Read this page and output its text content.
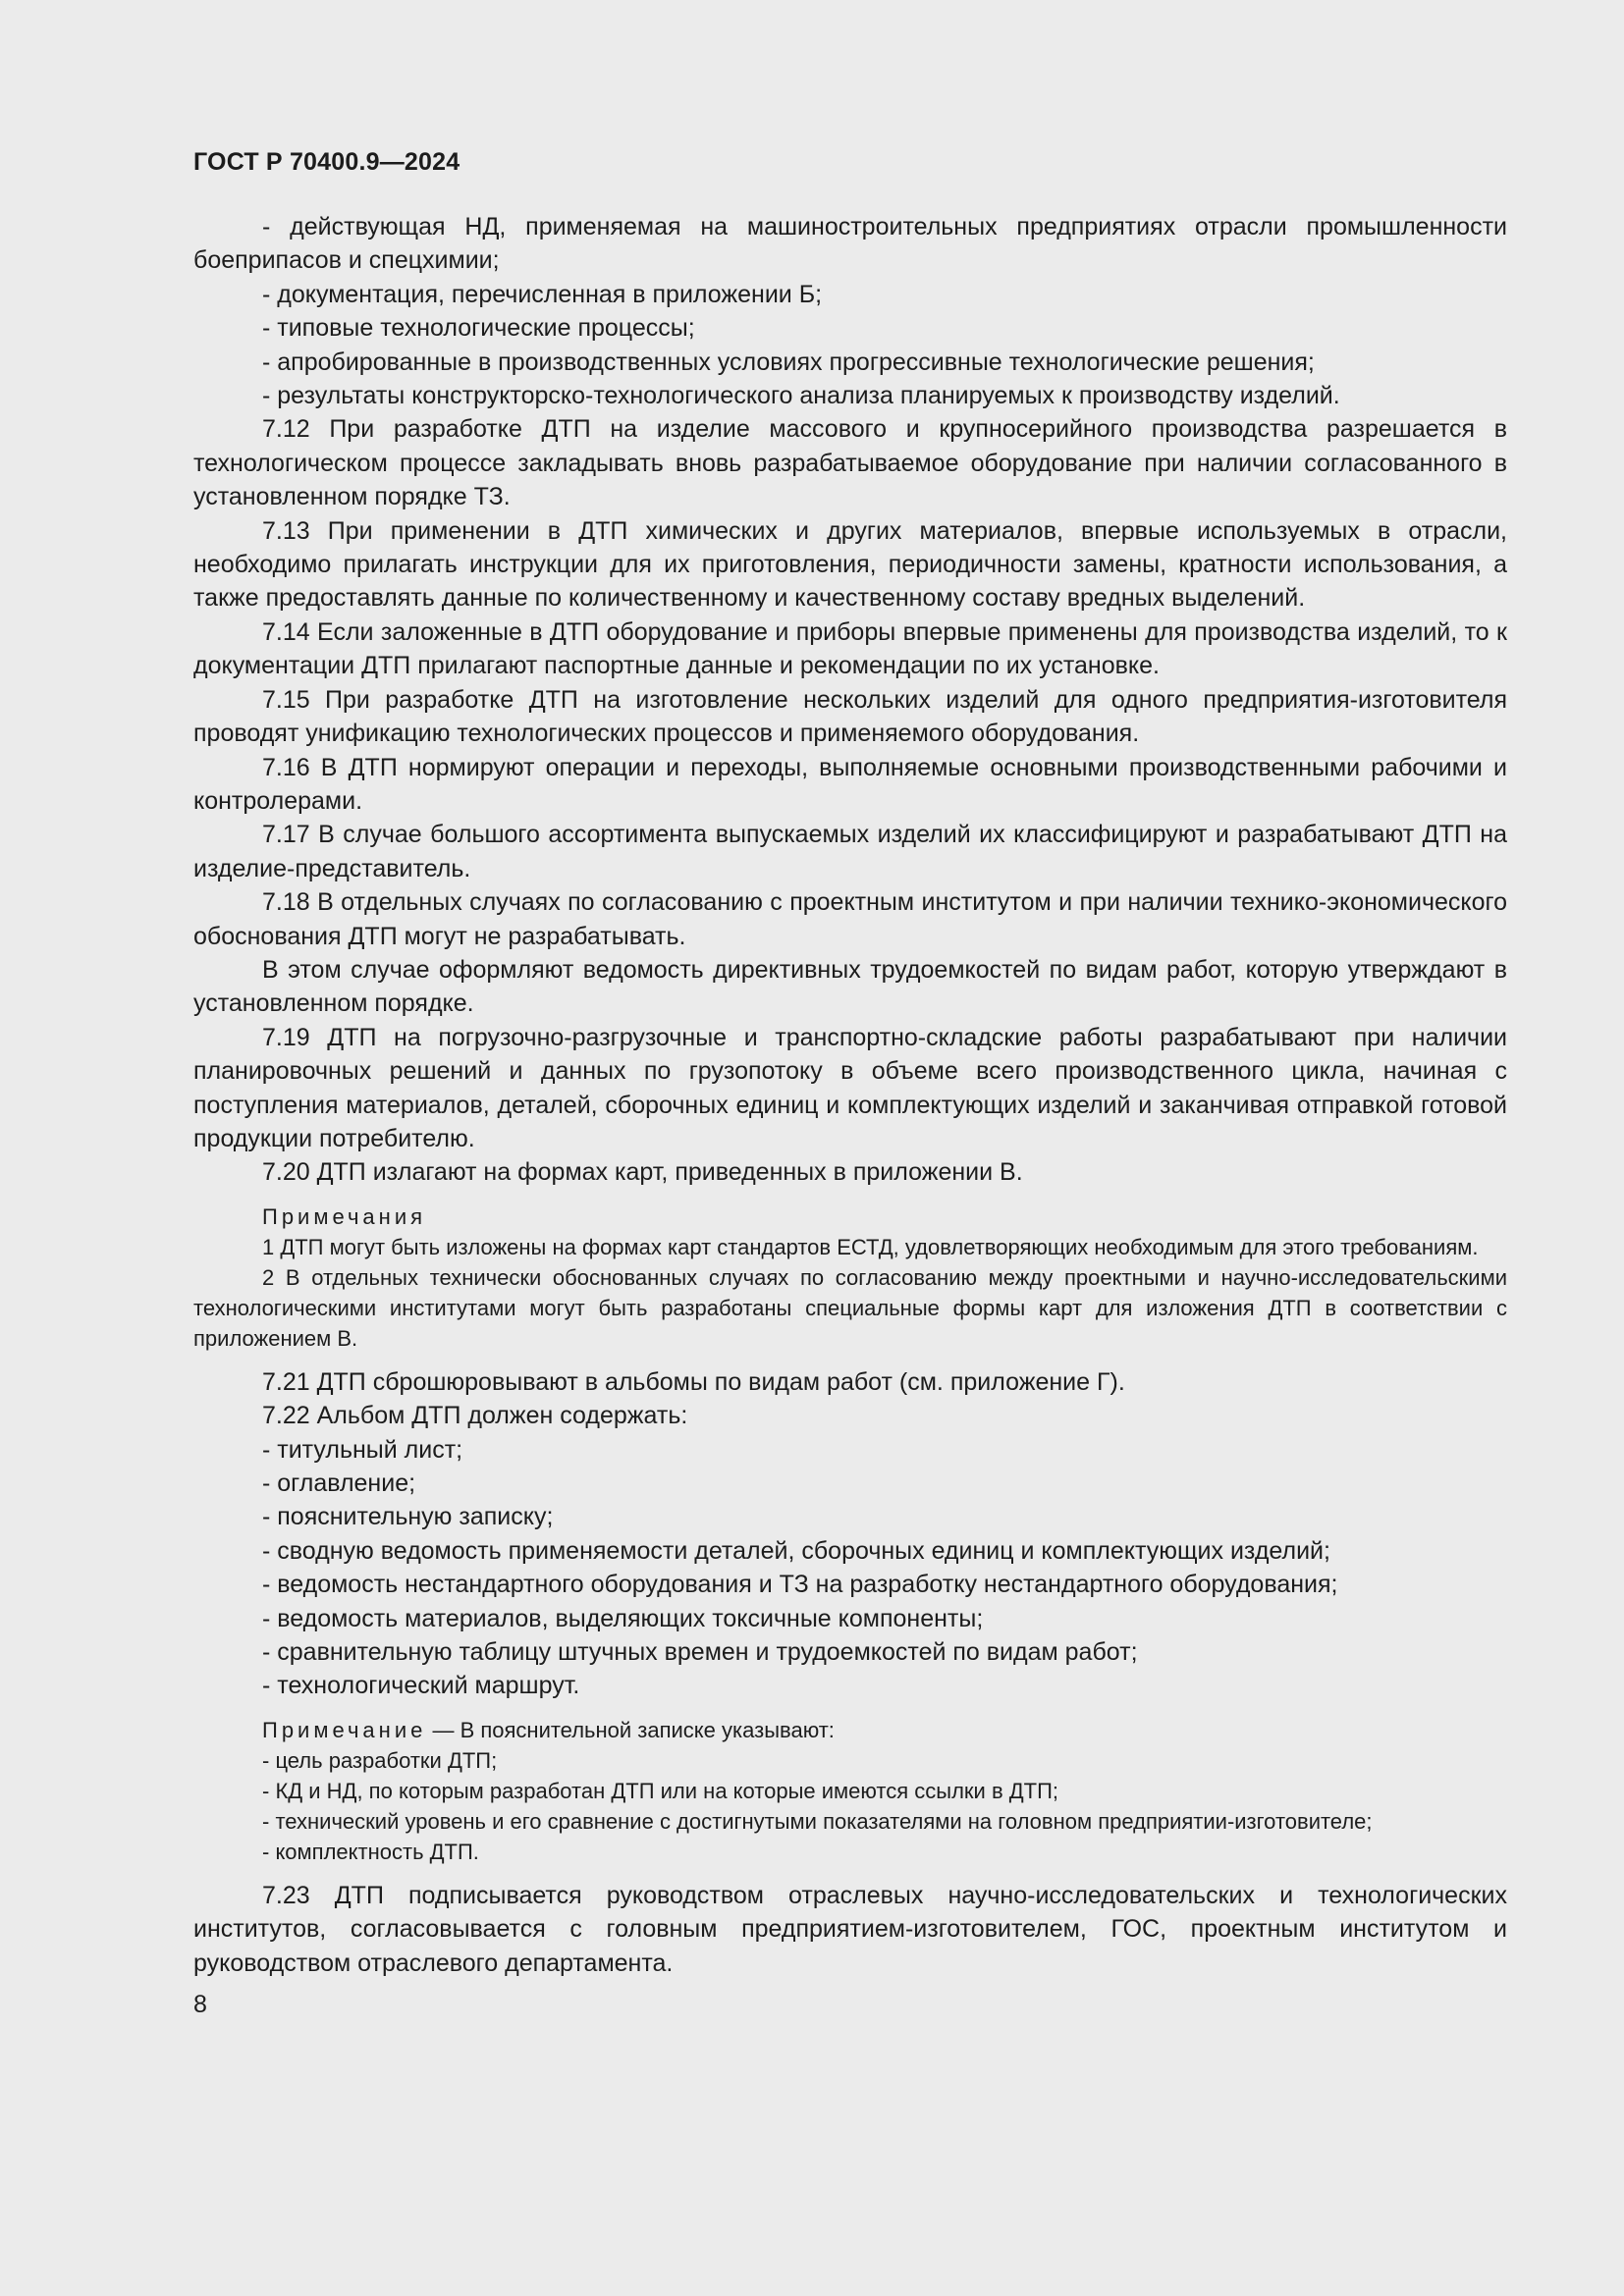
ГОСТ Р 70400.9—2024

- действующая НД, применяемая на машиностроительных предприятиях отрасли промышленности боеприпасов и спецхимии;

- документация, перечисленная в приложении Б;

- типовые технологические процессы;

- апробированные в производственных условиях прогрессивные технологические решения;

- результаты конструкторско-технологического анализа планируемых к производству изделий.

7.12 При разработке ДТП на изделие массового и крупносерийного производства разрешается в технологическом процессе закладывать вновь разрабатываемое оборудование при наличии согласованного в установленном порядке ТЗ.

7.13 При применении в ДТП химических и других материалов, впервые используемых в отрасли, необходимо прилагать инструкции для их приготовления, периодичности замены, кратности использования, а также предоставлять данные по количественному и качественному составу вредных выделений.

7.14 Если заложенные в ДТП оборудование и приборы впервые применены для производства изделий, то к документации ДТП прилагают паспортные данные и рекомендации по их установке.

7.15 При разработке ДТП на изготовление нескольких изделий для одного предприятия-изготовителя проводят унификацию технологических процессов и применяемого оборудования.

7.16 В ДТП нормируют операции и переходы, выполняемые основными производственными рабочими и контролерами.

7.17 В случае большого ассортимента выпускаемых изделий их классифицируют и разрабатывают ДТП на изделие-представитель.

7.18 В отдельных случаях по согласованию с проектным институтом и при наличии технико-экономического обоснования ДТП могут не разрабатывать.

В этом случае оформляют ведомость директивных трудоемкостей по видам работ, которую утверждают в установленном порядке.

7.19 ДТП на погрузочно-разгрузочные и транспортно-складские работы разрабатывают при наличии планировочных решений и данных по грузопотоку в объеме всего производственного цикла, начиная с поступления материалов, деталей, сборочных единиц и комплектующих изделий и заканчивая отправкой готовой продукции потребителю.

7.20 ДТП излагают на формах карт, приведенных в приложении В.

Примечания

1 ДТП могут быть изложены на формах карт стандартов ЕСТД, удовлетворяющих необходимым для этого требованиям.

2 В отдельных технически обоснованных случаях по согласованию между проектными и научно-исследовательскими технологическими институтами могут быть разработаны специальные формы карт для изложения ДТП в соответствии с приложением В.

7.21 ДТП сброшюровывают в альбомы по видам работ (см. приложение Г).

7.22 Альбом ДТП должен содержать:

- титульный лист;

- оглавление;

- пояснительную записку;

- сводную ведомость применяемости деталей, сборочных единиц и комплектующих изделий;

- ведомость нестандартного оборудования и ТЗ на разработку нестандартного оборудования;

- ведомость материалов, выделяющих токсичные компоненты;

- сравнительную таблицу штучных времен и трудоемкостей по видам работ;

- технологический маршрут.

Примечание — В пояснительной записке указывают:

- цель разработки ДТП;

- КД и НД, по которым разработан ДТП или на которые имеются ссылки в ДТП;

- технический уровень и его сравнение с достигнутыми показателями на головном предприятии-изготовителе;

- комплектность ДТП.

7.23 ДТП подписывается руководством отраслевых научно-исследовательских и технологических институтов, согласовывается с головным предприятием-изготовителем, ГОС, проектным институтом и руководством отраслевого департамента.

8
